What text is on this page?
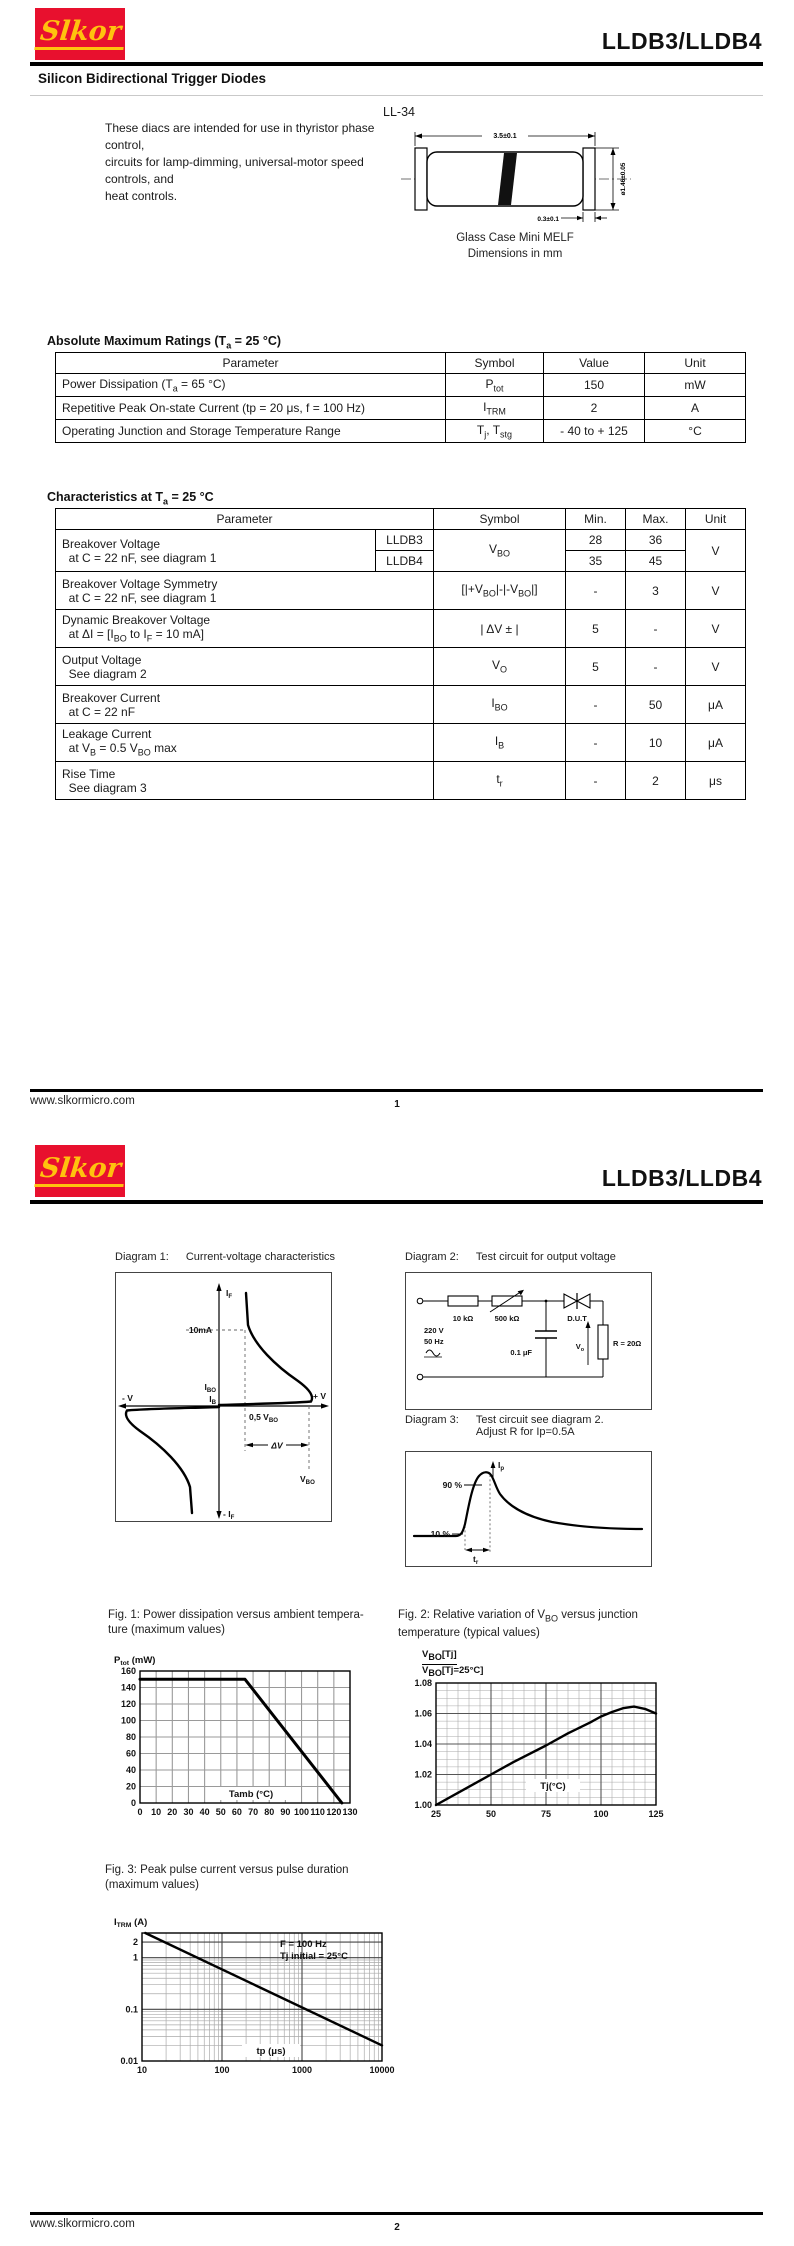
Slkor	LLDB3/LLDB4
Silicon Bidirectional Trigger Diodes
These diacs are intended for use in thyristor phase control,
circuits for lamp-dimming, universal-motor speed controls, and
heat controls.
LL-34
3.5±0.1
ø1.46±0.05
0.3±0.1
Glass Case Mini MELF
Dimensions in mm
Absolute Maximum Ratings ($T_a = 25$ °C)
Parameter	Symbol	Value	Unit
Power Dissipation ($T_a = 65$ °C)	$P_{tot}$	150	mW
Repetitive Peak On-state Current (tp = 20 μs, f = 100 Hz)	$I_{TRM}$	2	A
Operating Junction and Storage Temperature Range	$T_j$, $T_{stg}$	- 40 to + 125	°C
Characteristics at $T_a = 25$ °C
Parameter		Symbol	Min.	Max.	Unit
Breakover Voltage
at C = 22 nF, see diagram 1	LLDB3	$V_{BO}$	28	36	V
	LLDB4		35	45	
Breakover Voltage Symmetry
at C = 22 nF, see diagram 1		$[|+V_{BO}|-|-V_{BO}|]$	-	3	V
Dynamic Breakover Voltage
at $\Delta I = [I_{BO}$ to $I_F = 10$ mA]		| ΔV ± |	5	-	V
Output Voltage
See diagram 2		$V_O$	5	-	V
Breakover Current
at C = 22 nF		$I_{BO}$	-	50	μA
Leakage Current
at $V_B = 0.5$ $V_{BO}$ max		$I_B$	-	10	μA
Rise Time
See diagram 3		$t_r$	-	2	μs
www.slkormicro.com	1
Slkor	LLDB3/LLDB4
Diagram 1: Current-voltage characteristics	Diagram 2: Test circuit for output voltage
$I_F$
- $I_F$
- V	+ V
10mA
$I_{BO}$
$I_B$
0,5 $V_{BO}$
ΔV
$V_{BO}$
10 kΩ	500 kΩ	D.U.T
220 V
50 Hz
0.1 μF
$V_o$
R = 20Ω
Diagram 3: Test circuit see diagram 2.
Adjust R for Ip=0.5A
90 %
10 %
$I_p$
$t_r$
Fig. 1: Power dissipation versus ambient tempera-
ture (maximum values)
Fig. 2: Relative variation of $V_{BO}$ versus junction
temperature (typical values)
0 10 20 30 40 50 60 70 80 90 100 110 120 130
0
20
40
60
80
100
120
140
160
Tamb (°C)
$P_{tot}$ (mW)
$V_{BO}[Tj]$
$V_{BO}[Tj=25^\circ C]$
25	50	75	100	125
1.00
1.02
1.04
1.06
1.08
Tj(°C)
Fig. 3: Peak pulse current versus pulse duration
(maximum values)
10	100	1000	10000
2
1
0.1
0.01
tp (μs)
$I_{TRM}$ (A)
F = 100 Hz
Tj initial = 25°C
www.slkormicro.com	2
